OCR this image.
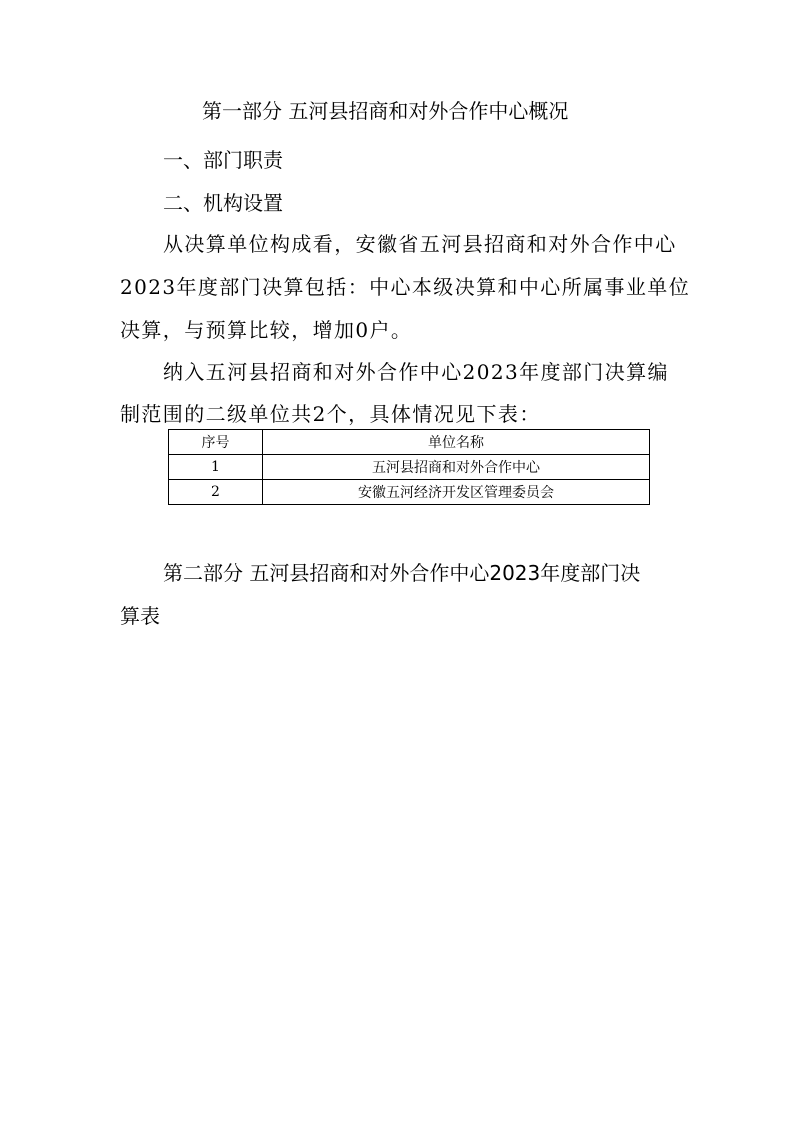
第一部分 五河县招商和对外合作中心概况
一、部门职责
二、机构设置
从决算单位构成看，安徽省五河县招商和对外合作中心
2023年度部门决算包括：中心本级决算和中心所属事业单位
决算，与预算比较，增加0户。
纳入五河县招商和对外合作中心2023年度部门决算编
制范围的二级单位共2个，具体情况见下表：
序号	单位名称
1	五河县招商和对外合作中心
2	安徽五河经济开发区管理委员会
第二部分 五河县招商和对外合作中心2023年度部门决
算表
